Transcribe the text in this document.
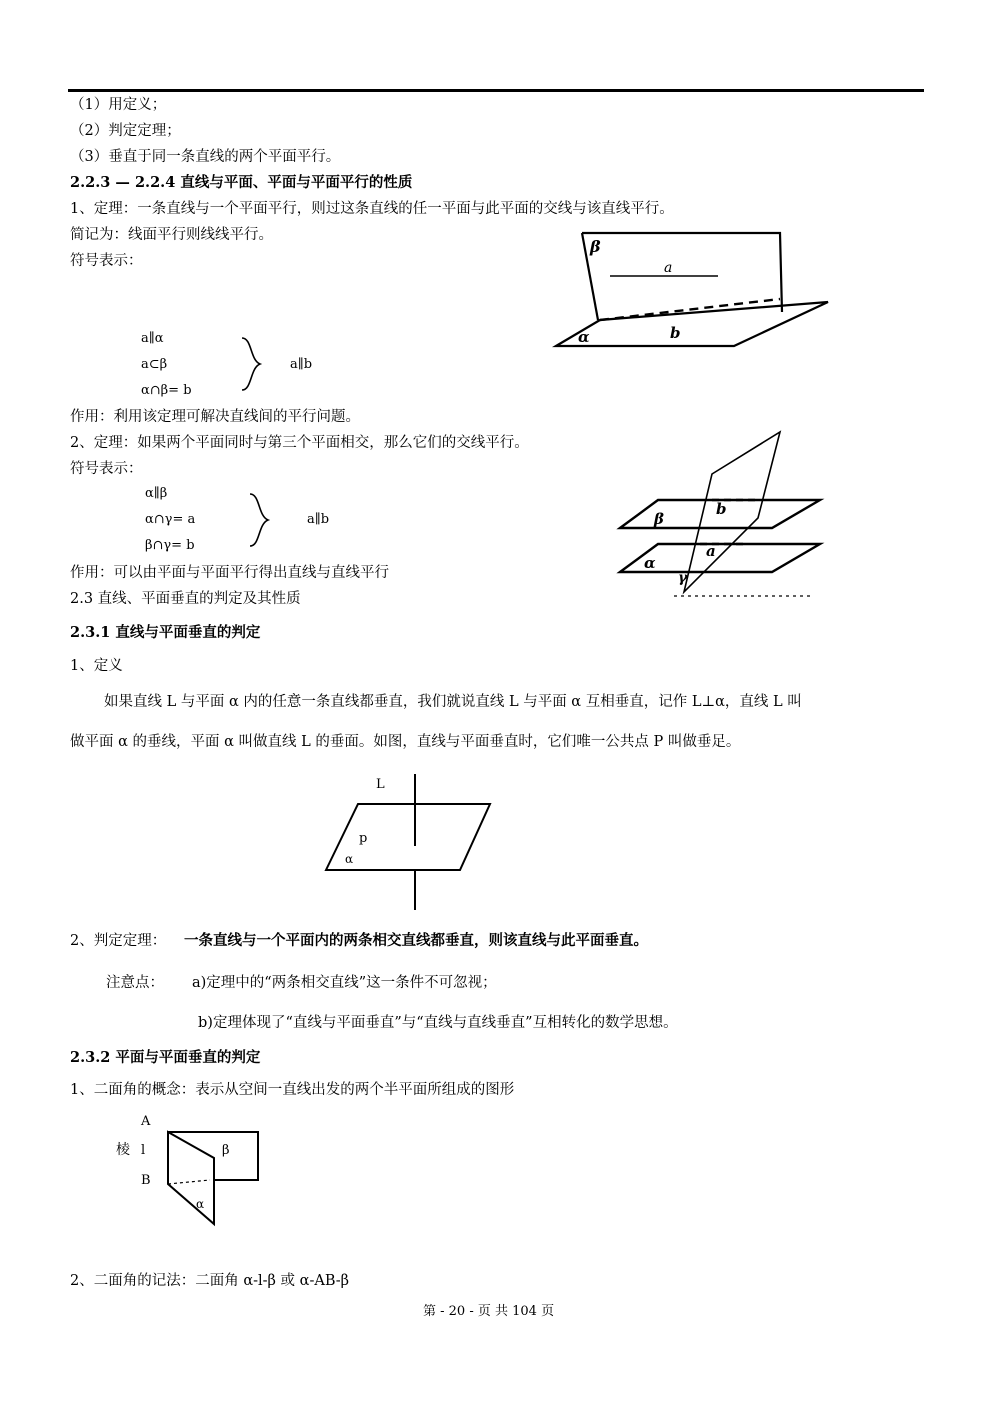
（1）用定义；
（2）判定定理；
（3）垂直于同一条直线的两个平面平行。
2.2.3 — 2.2.4 直线与平面、平面与平面平行的性质
1、定理：一条直线与一个平面平行，则过这条直线的任一平面与此平面的交线与该直线平行。
简记为：线面平行则线线平行。
符号表示：
a∥α
a⊂β
α∩β= b
a∥b
作用：利用该定理可解决直线间的平行问题。
2、定理：如果两个平面同时与第三个平面相交，那么它们的交线平行。
符号表示：
α∥β
α∩γ= a
β∩γ= b
a∥b
作用：可以由平面与平面平行得出直线与直线平行
2.3 直线、平面垂直的判定及其性质
2.3.1 直线与平面垂直的判定
1、定义
如果直线 L 与平面 α 内的任意一条直线都垂直，我们就说直线 L 与平面 α 互相垂直，记作 L⊥α，直线 L 叫
做平面 α 的垂线，平面 α 叫做直线 L 的垂面。如图，直线与平面垂直时，它们唯一公共点 P 叫做垂足。
2、判定定理： 一条直线与一个平面内的两条相交直线都垂直，则该直线与此平面垂直。
注意点： a)定理中的“两条相交直线”这一条件不可忽视；
b)定理体现了“直线与平面垂直”与“直线与直线垂直”互相转化的数学思想。
2.3.2 平面与平面垂直的判定
1、二面角的概念：表示从空间一直线出发的两个半平面所组成的图形
2、二面角的记法：二面角 α-l-β 或 α-AB-β
第 - 20 - 页 共 104 页
β
a
b
α
β
b
a
α
γ
L
p
α
A
棱 l
B
β
α
